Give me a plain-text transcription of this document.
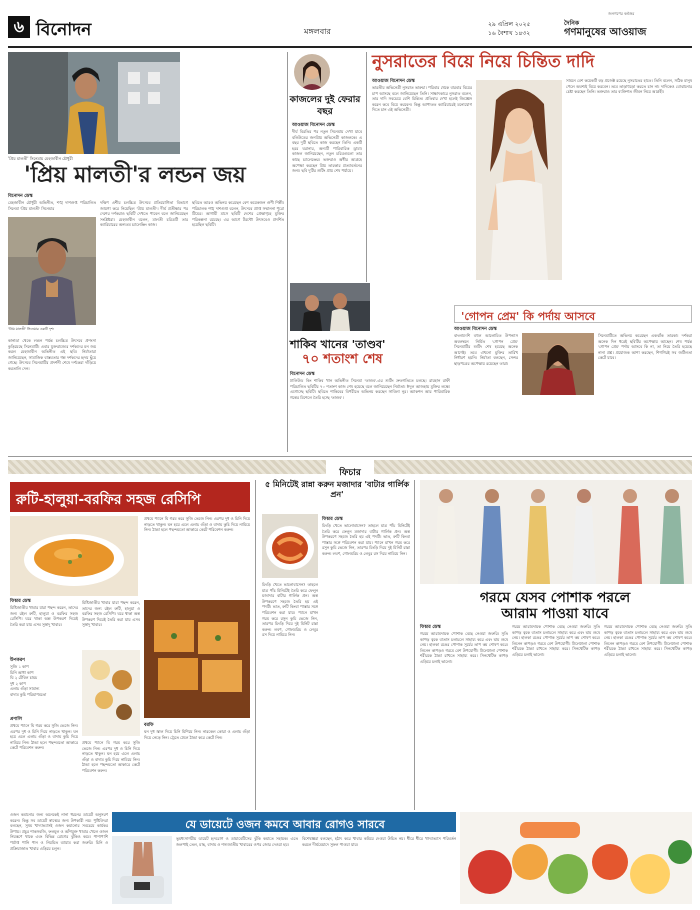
৬ বিনোদন	মঙ্গলবার
২৯ এপ্রিল ২০২৫
১৬ বৈশাখ ১৪৩২
দৈনিক
জনগণের কণ্ঠস্বর
গণমানুষের আওয়াজ
'প্রিয় মালতী' সিনেমায় মেহজাবীন চৌধুরী
'প্রিয় মালতী'র লন্ডন জয়
বিনোদন ডেস্ক
মেহজাবীন চৌধুরী অভিনীত, শঙ্খ দাশগুপ্ত পরিচালিত সিনেমা 'প্রিয় মালতী' সিনেমার
'প্রিয় মালতী' সিনেমার একটি দৃশ্য
কানাডা থেকে লন্ডন পর্যন্ত চলচ্চিত্র উৎসবে প্রশংসা কুড়িয়েছে সিনেমাটি। এবার যুক্তরাজ্যের দর্শকদের মন জয় করল মেহজাবীন অভিনীত এই ছবি। নির্মাতারা জানিয়েছেন, সামাজিক বাস্তবতার গল্প দর্শকদের হৃদয় ছুঁয়ে গেছে। উৎসবে সিনেমাটির প্রদর্শনী শেষে দর্শকেরা দাঁড়িয়ে করতালি দেন।
দক্ষিণ এশীয় চলচ্চিত্র উৎসবে প্রতিযোগিতা বিভাগে জায়গা করে নিয়েছিল 'প্রিয় মালতী'। দীর্ঘ প্রতীক্ষার পর দেশের দর্শকরাও ছবিটি দেখতে পাবেন বলে জানিয়েছেন সংশ্লিষ্টরা। মেহজাবীন বলেন, মালতী চরিত্রটি তার ক্যারিয়ারের অন্যতম চ্যালেঞ্জিং কাজ।
ছবিতে আরও অভিনয় করেছেন বেশ কয়েকজন গুণী শিল্পী। পরিচালক শঙ্খ দাশগুপ্ত বলেন, উৎসবে প্রাপ্ত সম্মাননা পুরো টিমের। আগামী মাসে ছবিটি দেশের প্রেক্ষাগৃহে মুক্তির পরিকল্পনা রয়েছে। এর আগে টরন্টো উৎসবেও প্রদর্শিত হয়েছিল ছবিটি।
কাজলের দুই ফেরার বছর
আওয়াজ বিনোদন ডেস্ক
দীর্ঘ বিরতির পর নতুন সিনেমায় দেখা যাবে বলিউডের জনপ্রিয় অভিনেত্রী কাজলকে। এ বছর দুটি ছবিতে কাজ করছেন তিনি। একটি হরর ঘরানার, অন্যটি পারিবারিক ড্রামা। কাজল জানিয়েছেন, নতুন চরিত্রগুলো তার কাছে চ্যালেঞ্জের। ভক্তরাও অধীর আগ্রহে অপেক্ষা করছেন প্রিয় তারকার প্রত্যাবর্তনের জন্য। ছবি দুটির শুটিং প্রায় শেষ পর্যায়ে।
শাকিব খানের 'তাণ্ডব'
৭০ শতাংশ শেষ
বিনোদন ডেস্ক
ঢালিউড কিং শাকিব খান অভিনীত সিনেমা 'তাণ্ডব'-এর শুটিং দ্রুতগতিতে চলছে। রায়হান রাফী পরিচালিত ছবিটির ৭০ শতাংশ কাজ শেষ হয়েছে বলে জানিয়েছেন নির্মাতা। ঈদুল আজহায় মুক্তির লক্ষ্যে এগোচ্ছে ছবিটি। ছবিতে শাকিবের বিপরীতে অভিনয় করছেন সাবিলা নূর। অ্যাকশন আর পারিবারিক গল্পের মিশেলে তৈরি হচ্ছে 'তাণ্ডব'।
নুসরাতের বিয়ে নিয়ে চিন্তিত দাদি
আওয়াজ বিনোদন ডেস্ক
ভারতীয় অভিনেত্রী নুসরাত ভারুচা। পরিবার থেকে বারবার বিয়ের চাপ আসছে বলে জানিয়েছেন তিনি। সাক্ষাৎকারে নুসরাত বলেন, তার দাদি সবচেয়ে বেশি চিন্তিত। প্রতিবার দেখা হলেই জিজ্ঞেস করেন কবে বিয়ে করবেন। কিন্তু আপাতত ক্যারিয়ারেই মনোযোগ দিতে চান এই অভিনেত্রী।
সামনে বেশ কয়েকটি বড় প্রজেক্ট রয়েছে নুসরাতের হাতে। তিনি বলেন, সঠিক মানুষ পেলে অবশ্যই বিয়ে করবেন। তবে তাড়াহুড়ো করতে চান না। দাদিকেও বোঝানোর চেষ্টা করছেন তিনি। ভক্তরাও তার ব্যক্তিগত জীবন নিয়ে আগ্রহী।
'গোপন প্রেম' কি পর্দায় আসবে
আওয়াজ বিনোদন ডেস্ক
বাংলাদেশি বহুল আলোচিত উপন্যাস অবলম্বনে নির্মিত 'গোপন প্রেম' সিনেমাটির শুটিং শেষ হয়েছে অনেক আগেই। তবে এখনো মুক্তির তারিখ নির্ধারণ হয়নি। নির্মাতা বলছেন, সেন্সর ছাড়পত্রের অপেক্ষায় রয়েছেন তারা।
সিনেমাটিতে অভিনয় করেছেন একঝাঁক তারকা। দর্শকরা অনেক দিন ধরেই ছবিটির অপেক্ষায় আছেন। শেষ পর্যন্ত 'গোপন প্রেম' পর্দায় আসবে কি না, তা নিয়ে তৈরি হয়েছে নানা প্রশ্ন। প্রযোজক আশা করছেন, শিগগিরই সব জটিলতা কেটে যাবে।
ফিচার
রুটি-হালুয়া-বরফির সহজ রেসিপি
ফিচার ডেস্ক
মিষ্টিজাতীয় খাবার যারা পছন্দ করেন, তাদের জন্য রইল রুটি, হালুয়া ও বরফির সহজ রেসিপি। ঘরে থাকা অল্প উপকরণ দিয়েই তৈরি করা যায় এসব সুস্বাদু খাবার।
উপকরণ
সুজি ১ কাপ
চিনি আধা কাপ
ঘি ২ টেবিল চামচ
দুধ ২ কাপ
এলাচ গুঁড়া সামান্য
বাদাম কুচি পরিমাণমতো
প্রণালি
প্রথমে প্যানে ঘি গরম করে সুজি ভেজে নিন। এরপর দুধ ও চিনি দিয়ে নাড়তে থাকুন। ঘন হয়ে এলে এলাচ গুঁড়া ও বাদাম কুচি দিয়ে নামিয়ে নিন। ঠান্ডা হলে পছন্দমতো আকারে কেটে পরিবেশন করুন।
মিষ্টিজাতীয় খাবার যারা পছন্দ করেন, তাদের জন্য রইল রুটি, হালুয়া ও বরফির সহজ রেসিপি। ঘরে থাকা অল্প উপকরণ দিয়েই তৈরি করা যায় এসব সুস্বাদু খাবার।
প্রথমে প্যানে ঘি গরম করে সুজি ভেজে নিন। এরপর দুধ ও চিনি দিয়ে নাড়তে থাকুন। ঘন হয়ে এলে এলাচ গুঁড়া ও বাদাম কুচি দিয়ে নামিয়ে নিন। ঠান্ডা হলে পছন্দমতো আকারে কেটে পরিবেশন করুন।
প্রথমে প্যানে ঘি গরম করে সুজি ভেজে নিন। এরপর দুধ ও চিনি দিয়ে নাড়তে থাকুন। ঘন হয়ে এলে এলাচ গুঁড়া ও বাদাম কুচি দিয়ে নামিয়ে নিন। ঠান্ডা হলে পছন্দমতো আকারে কেটে পরিবেশন করুন।
বরফি
ঘন দুধ জ্বাল দিয়ে চিনি মিশিয়ে নিন। নারকেল কোরা ও এলাচ গুঁড়া দিয়ে নেড়ে নিন। ট্রেতে ঢেলে ঠান্ডা করে কেটে নিন।
৫ মিনিটেই রান্না করুন মজাদার 'বাটার গার্লিক প্রন'
ফিচার ডেস্ক
চিংড়ি খেতে ভালোবাসেন? তাহলে মাত্র পাঁচ মিনিটেই তৈরি করে ফেলুন মজাদার বাটার গার্লিক প্রন। অল্প উপকরণে সহজে তৈরি হয় এই পদটি। ভাত, রুটি কিংবা পাস্তার সঙ্গে পরিবেশন করা যায়। প্যানে মাখন গরম করে রসুন কুচি ভেজে নিন, তারপর চিংড়ি দিয়ে দুই মিনিট রান্না করুন। লবণ, গোলমরিচ ও লেবুর রস দিয়ে নামিয়ে নিন।
চিংড়ি খেতে ভালোবাসেন? তাহলে মাত্র পাঁচ মিনিটেই তৈরি করে ফেলুন মজাদার বাটার গার্লিক প্রন। অল্প উপকরণে সহজে তৈরি হয় এই পদটি। ভাত, রুটি কিংবা পাস্তার সঙ্গে পরিবেশন করা যায়। প্যানে মাখন গরম করে রসুন কুচি ভেজে নিন, তারপর চিংড়ি দিয়ে দুই মিনিট রান্না করুন। লবণ, গোলমরিচ ও লেবুর রস দিয়ে নামিয়ে নিন।
গরমে যেসব পোশাক পরলে
আরাম পাওয়া যাবে
ফিচার ডেস্ক
গরমে আরামদায়ক পোশাক বেছে নেওয়া জরুরি। সুতি কাপড় ত্বকে বাতাস চলাচলে সাহায্য করে এবং ঘাম শুষে নেয়। হালকা রঙের পোশাক সূর্যের তাপ কম শোষণ করে। লিনেন কাপড়ও গরমে বেশ উপযোগী। ঢিলেঢালা পোশাক শরীরকে ঠান্ডা রাখতে সাহায্য করে। সিনথেটিক কাপড় এড়িয়ে চলাই ভালো।
গরমে আরামদায়ক পোশাক বেছে নেওয়া জরুরি। সুতি কাপড় ত্বকে বাতাস চলাচলে সাহায্য করে এবং ঘাম শুষে নেয়। হালকা রঙের পোশাক সূর্যের তাপ কম শোষণ করে। লিনেন কাপড়ও গরমে বেশ উপযোগী। ঢিলেঢালা পোশাক শরীরকে ঠান্ডা রাখতে সাহায্য করে। সিনথেটিক কাপড় এড়িয়ে চলাই ভালো।
গরমে আরামদায়ক পোশাক বেছে নেওয়া জরুরি। সুতি কাপড় ত্বকে বাতাস চলাচলে সাহায্য করে এবং ঘাম শুষে নেয়। হালকা রঙের পোশাক সূর্যের তাপ কম শোষণ করে। লিনেন কাপড়ও গরমে বেশ উপযোগী। ঢিলেঢালা পোশাক শরীরকে ঠান্ডা রাখতে সাহায্য করে। সিনথেটিক কাপড় এড়িয়ে চলাই ভালো।
যে ডায়েটে ওজন কমবে আবার রোগও সারবে
ওজন কমানোর জন্য অনেকেই নানা ধরনের ডায়েট অনুসরণ করেন। কিন্তু সব ডায়েট স্বাস্থ্যের জন্য উপকারী নয়। পুষ্টিবিদরা বলছেন, সুষম খাদ্যাভ্যাসই ওজন কমানোর সবচেয়ে কার্যকর উপায়। প্রচুর শাকসবজি, ফলমূল ও আঁশযুক্ত খাবার খেলে ওজন নিয়ন্ত্রণে থাকে এবং বিভিন্ন রোগের ঝুঁকিও কমে। পাশাপাশি পর্যাপ্ত পানি পান ও নিয়মিত ব্যায়াম করা জরুরি। চিনি ও প্রক্রিয়াজাত খাবার এড়িয়ে চলুন।
ভূমধ্যসাগরীয় ডায়েট হৃদরোগ ও ডায়াবেটিসের ঝুঁকি কমাতে সহায়ক। এতে জলপাই তেল, মাছ, বাদাম ও শস্যজাতীয় খাবারের ওপর জোর দেওয়া হয়।
বিশেষজ্ঞরা বলছেন, হঠাৎ করে খাবার কমিয়ে দেওয়া উচিত নয়। ধীরে ধীরে খাদ্যাভ্যাস পরিবর্তন করলে দীর্ঘমেয়াদে সুফল পাওয়া যায়।
